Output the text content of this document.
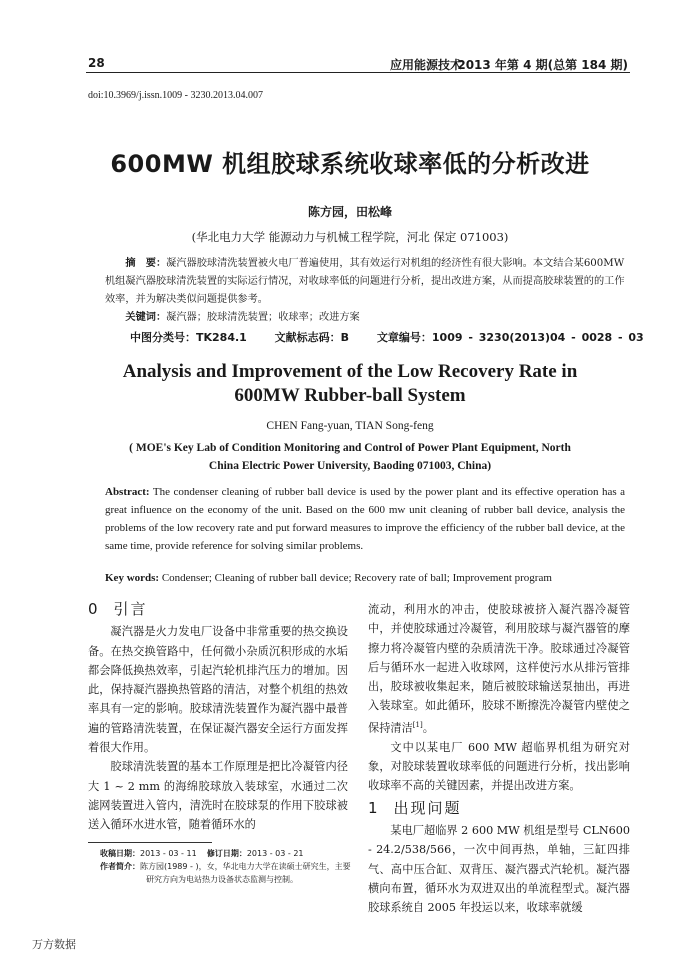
28	应用能源技术
2013 年第 4 期(总第 184 期)
doi:10.3969/j.issn.1009 - 3230.2013.04.007
600MW 机组胶球系统收球率低的分析改进
陈方园，田松峰
(华北电力大学 能源动力与机械工程学院，河北 保定 071003)
摘　要：凝汽器胶球清洗装置被火电厂普遍使用，其有效运行对机组的经济性有很大影响。本文结合某600MW 机组凝汽器胶球清洗装置的实际运行情况，对收球率低的问题进行分析，提出改进方案，从而提高胶球装置的的工作效率，并为解决类似问题提供参考。
关键词：凝汽器；胶球清洗装置；收球率；改进方案
中图分类号：TK284.1	文献标志码：B	文章编号：1009 - 3230(2013)04 - 0028 - 03
Analysis and Improvement of the Low Recovery Rate in
600MW Rubber-ball System
CHEN Fang-yuan, TIAN Song-feng
( MOE's Key Lab of Condition Monitoring and Control of Power Plant Equipment, North
China Electric Power University, Baoding 071003, China)
Abstract: The condenser cleaning of rubber ball device is used by the power plant and its effective operation has a great influence on the economy of the unit. Based on the 600 mw unit cleaning of rubber ball device, analysis the problems of the low recovery rate and put forward measures to improve the efficiency of the rubber ball device, at the same time, provide reference for solving similar problems.
Key words: Condenser; Cleaning of rubber ball device; Recovery rate of ball; Improvement program
0 引言

凝汽器是火力发电厂设备中非常重要的热交换设备。在热交换管路中，任何微小杂质沉积形成的水垢都会降低换热效率，引起汽轮机排汽压力的增加。因此，保持凝汽器换热管路的清洁，对整个机组的热效率具有一定的影响。胶球清洗装置作为凝汽器中最普遍的管路清洗装置，在保证凝汽器安全运行方面发挥着很大作用。

胶球清洗装置的基本工作原理是把比冷凝管内径大 1 ~ 2 mm 的海绵胶球放入装球室，水通过二次滤网装置进入管内，清洗时在胶球泵的作用下胶球被送入循环水进水管，随着循环水的

流动，利用水的冲击，使胶球被挤入凝汽器冷凝管中，并使胶球通过冷凝管，利用胶球与凝汽器管的摩擦力将冷凝管内壁的杂质清洗干净。胶球通过冷凝管后与循环水一起进入收球网，这样使污水从排污管排出，胶球被收集起来，随后被胶球输送泵抽出，再进入装球室。如此循环，胶球不断擦洗冷凝管内壁使之保持清洁[1]。

文中以某电厂 600 MW 超临界机组为研究对象，对胶球装置收球率低的问题进行分析，找出影响收球率不高的关键因素，并提出改进方案。

1 出现问题

某电厂超临界 2 600 MW 机组是型号 CLN600 - 24.2/538/566，一次中间再热，单轴，三缸四排气、高中压合缸、双背压、凝汽器式汽轮机。凝汽器横向布置，循环水为双进双出的单流程型式。凝汽器胶球系统自 2005 年投运以来，收球率就缓

收稿日期：2013 - 03 - 11 修订日期：2013 - 03 - 21
作者简介：陈方园(1989 - )，女，华北电力大学在读硕士研究生，主要研究方向为电站热力设备状态监测与控制。
万方数据
